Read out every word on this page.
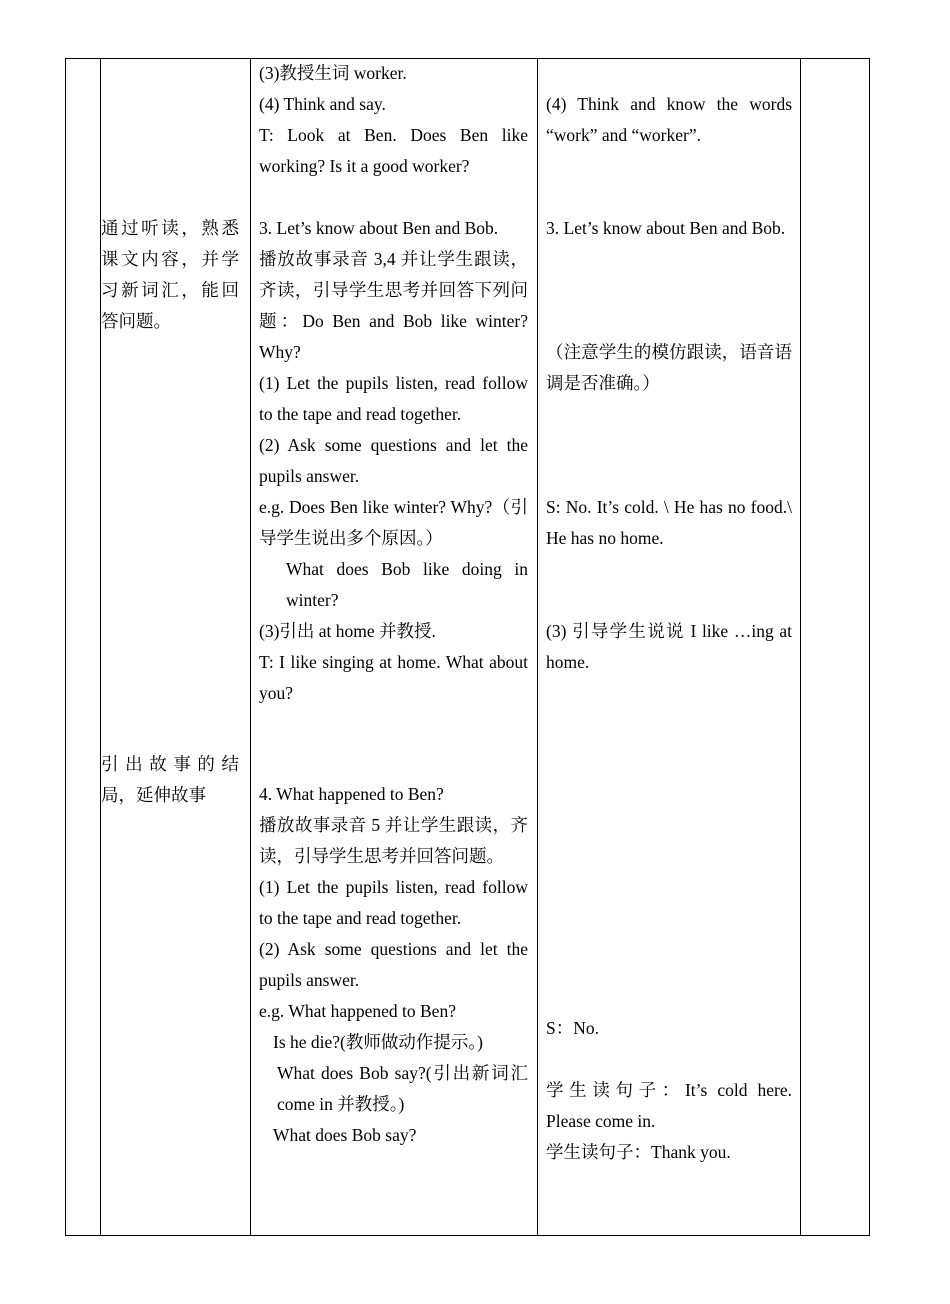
通过听读，熟悉课文内容，并学习新词汇，能回答问题。

引出故事的结局，延伸故事

(3)教授生词 worker.

(4) Think and say.

T: Look at Ben. Does Ben like working? Is it a good worker?

3. Let’s know about Ben and Bob.

播放故事录音 3,4 并让学生跟读，齐读，引导学生思考并回答下列问题：Do Ben and Bob like winter? Why?

(1) Let the pupils listen, read follow to the tape and read together.

(2) Ask some questions and let the pupils answer.

e.g. Does Ben like winter? Why?（引导学生说出多个原因。）

What does Bob like doing in winter?

(3)引出 at home 并教授.

T: I like singing at home. What about you?

4. What happened to Ben?

播放故事录音 5 并让学生跟读，齐读，引导学生思考并回答问题。

(1) Let the pupils listen, read follow to the tape and read together.

(2) Ask some questions and let the pupils answer.

e.g. What happened to Ben?

Is he die?(教师做动作提示。)

What does Bob say?(引出新词汇 come in 并教授。)

What does Bob say?

(4) Think and know the words “work” and “worker”.

3. Let’s know about Ben and Bob.

（注意学生的模仿跟读，语音语调是否准确。）

S: No. It’s cold. \ He has no food.\ He has no home.

(3) 引导学生说说 I like …ing at home.

S：No.

学生读句子：It’s cold here. Please come in.

学生读句子：Thank you.
